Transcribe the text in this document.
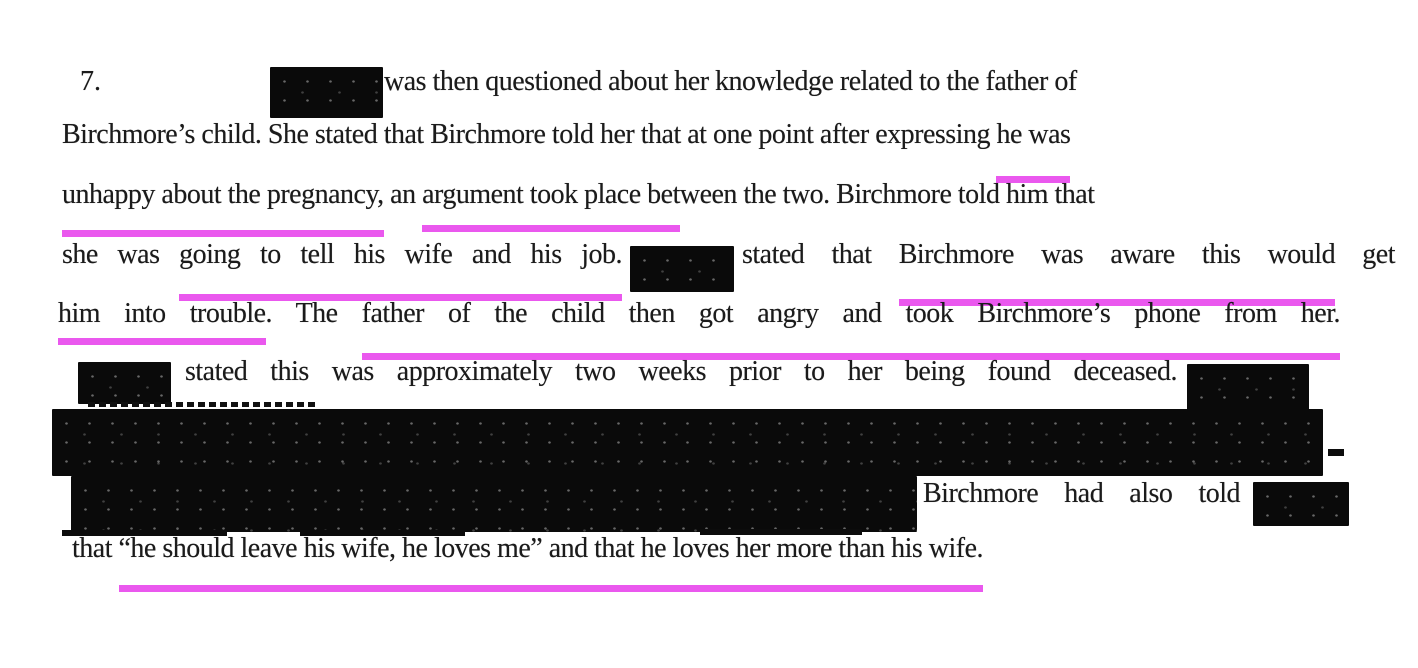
7.	was then questioned about her knowledge related to the father of
Birchmore’s child. She stated that Birchmore told her that at one point after expressing he was
unhappy about the pregnancy, an argument took place between the two. Birchmore told him that
she was going to tell his wife and his job.	stated that Birchmore was aware this would get
him into trouble. The father of the child then got angry and took Birchmore’s phone from her.
stated this was approximately two weeks prior to her being found deceased.
Birchmore had also told
that “he should leave his wife, he loves me” and that he loves her more than his wife.
